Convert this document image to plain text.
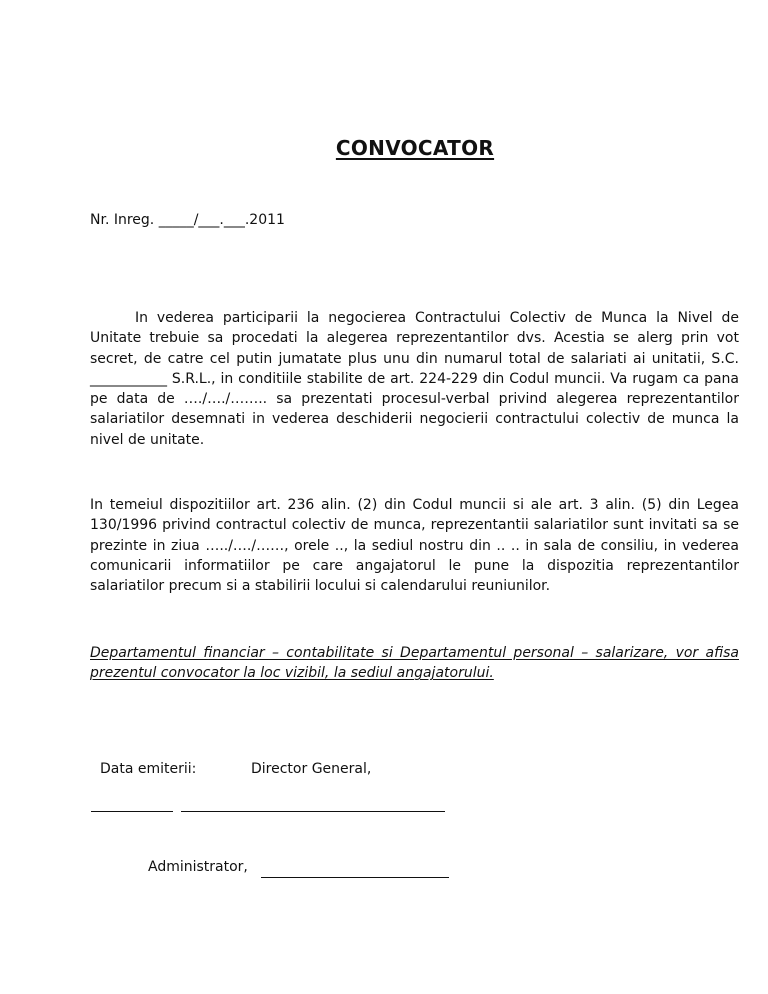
CONVOCATOR
Nr. Inreg. _____/___.___.2011
In vederea participarii la negocierea Contractului Colectiv de Munca la Nivel de Unitate trebuie sa procedati la alegerea reprezentantilor dvs. Acestia se alerg prin vot secret, de catre cel putin jumatate plus unu din numarul total de salariati ai unitatii, S.C. ___________ S.R.L., in conditiile stabilite de art. 224-229 din Codul muncii. Va rugam ca pana pe data de …./…./…….. sa prezentati procesul-verbal privind alegerea reprezentantilor salariatilor desemnati in vederea deschiderii negocierii contractului colectiv de munca la nivel de unitate.
In temeiul dispozitiilor art. 236 alin. (2) din Codul muncii si ale art. 3 alin. (5) din Legea 130/1996 privind contractul colectiv de munca, reprezentantii salariatilor sunt invitati sa se prezinte in ziua …../…./……, orele .., la sediul nostru din .. .. in sala de consiliu, in vederea comunicarii informatiilor pe care angajatorul le pune la dispozitia reprezentantilor salariatilor precum si a stabilirii locului si calendarului reuniunilor.
Departamentul financiar – contabilitate si Departamentul personal – salarizare, vor afisa prezentul convocator la loc vizibil, la sediul angajatorului.
Data emiterii:	Director General,
Administrator,
